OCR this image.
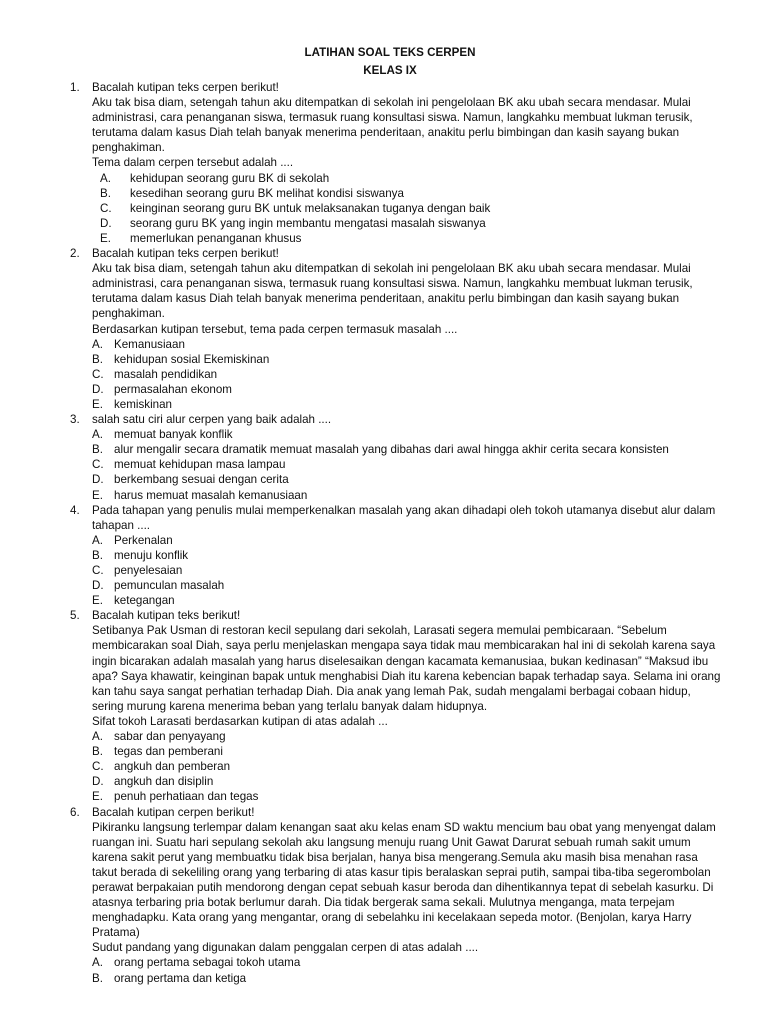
LATIHAN SOAL TEKS CERPEN
KELAS IX
1.	Bacalah kutipan teks cerpen berikut!

Aku tak bisa diam, setengah tahun aku ditempatkan di sekolah ini pengelolaan BK aku ubah secara mendasar. Mulai administrasi, cara penanganan siswa, termasuk ruang konsultasi siswa. Namun, langkahku membuat lukman terusik, terutama dalam kasus Diah telah banyak menerima penderitaan, anakitu perlu bimbingan dan kasih sayang bukan penghakiman.

Tema dalam cerpen tersebut adalah ....

A. kehidupan seorang guru BK di sekolah
B. kesedihan seorang guru BK melihat kondisi siswanya
C. keinginan seorang guru BK untuk melaksanakan tuganya dengan baik
D. seorang guru BK yang ingin membantu mengatasi masalah siswanya
E. memerlukan penanganan khusus
2.	Bacalah kutipan teks cerpen berikut!

Aku tak bisa diam, setengah tahun aku ditempatkan di sekolah ini pengelolaan BK aku ubah secara mendasar. Mulai administrasi, cara penanganan siswa, termasuk ruang konsultasi siswa. Namun, langkahku membuat lukman terusik, terutama dalam kasus Diah telah banyak menerima penderitaan, anakitu perlu bimbingan dan kasih sayang bukan penghakiman.

Berdasarkan kutipan tersebut, tema pada cerpen termasuk masalah ....

A. Kemanusiaan
B. kehidupan sosial Ekemiskinan
C. masalah pendidikan
D. permasalahan ekonom
E. kemiskinan
3.	salah satu ciri alur cerpen yang baik adalah ....

A. memuat banyak konflik
B. alur mengalir secara dramatik memuat masalah yang dibahas dari awal hingga akhir cerita secara konsisten
C. memuat kehidupan masa lampau
D. berkembang sesuai dengan cerita
E. harus memuat masalah kemanusiaan
4.	Pada tahapan yang penulis mulai memperkenalkan masalah yang akan dihadapi oleh tokoh utamanya disebut alur dalam tahapan ....

A. Perkenalan
B. menuju konflik
C. penyelesaian
D. pemunculan masalah
E. ketegangan
5.	Bacalah kutipan teks berikut!

Setibanya Pak Usman di restoran kecil sepulang dari sekolah, Larasati segera memulai pembicaraan. “Sebelum membicarakan soal Diah, saya perlu menjelaskan mengapa saya tidak mau membicarakan hal ini di sekolah karena saya ingin bicarakan adalah masalah yang harus diselesaikan dengan kacamata kemanusiaa, bukan kedinasan” “Maksud ibu apa? Saya khawatir, keinginan bapak untuk menghabisi Diah itu karena kebencian bapak terhadap saya. Selama ini orang kan tahu saya sangat perhatian terhadap Diah. Dia anak yang lemah Pak, sudah mengalami berbagai cobaan hidup, sering murung karena menerima beban yang terlalu banyak dalam hidupnya.

Sifat tokoh Larasati berdasarkan kutipan di atas adalah ...

A. sabar dan penyayang
B. tegas dan pemberani
C. angkuh dan pemberan
D. angkuh dan disiplin
E. penuh perhatiaan dan tegas
6.	Bacalah kutipan cerpen berikut!

Pikiranku langsung terlempar dalam kenangan saat aku kelas enam SD waktu mencium bau obat yang menyengat dalam ruangan ini. Suatu hari sepulang sekolah aku langsung menuju ruang Unit Gawat Darurat sebuah rumah sakit umum karena sakit perut yang membuatku tidak bisa berjalan, hanya bisa mengerang.Semula aku masih bisa menahan rasa takut berada di sekeliling orang yang terbaring di atas kasur tipis beralaskan seprai putih, sampai tiba-tiba segerombolan perawat berpakaian putih mendorong dengan cepat sebuah kasur beroda dan dihentikannya tepat di sebelah kasurku. Di atasnya terbaring pria botak berlumur darah. Dia tidak bergerak sama sekali. Mulutnya menganga, mata terpejam menghadapku. Kata orang yang mengantar, orang di sebelahku ini kecelakaan sepeda motor. (Benjolan, karya Harry Pratama)

Sudut pandang yang digunakan dalam penggalan cerpen di atas adalah ....

A. orang pertama sebagai tokoh utama
B. orang pertama dan ketiga
